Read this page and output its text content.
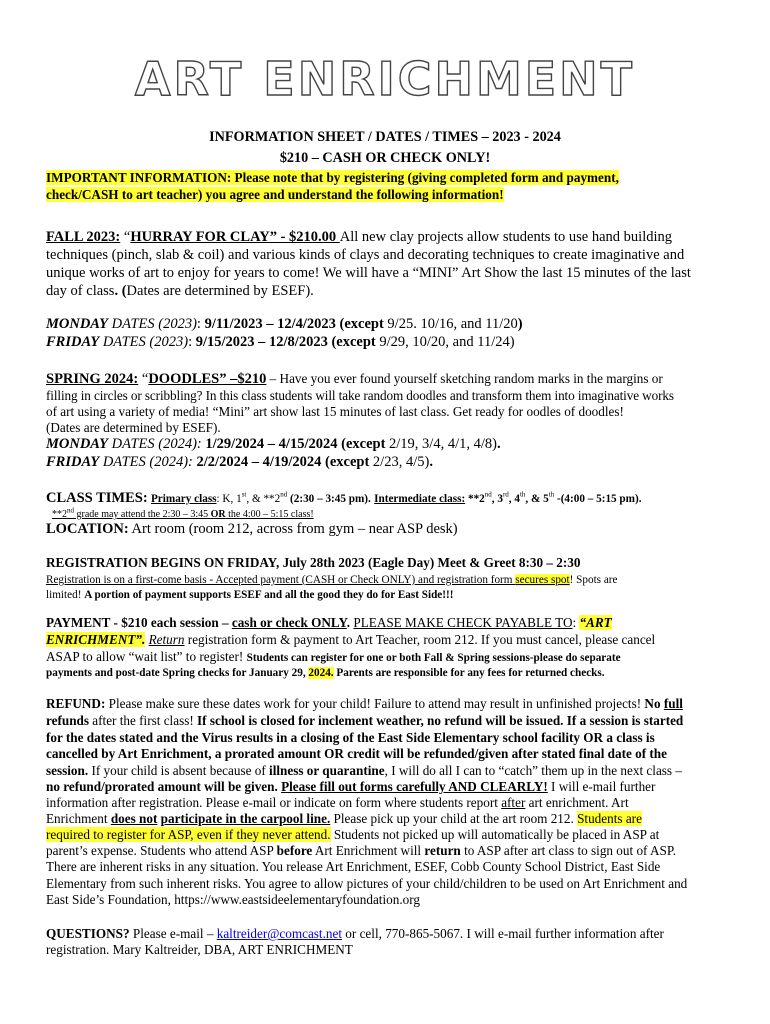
ART ENRICHMENT
INFORMATION SHEET / DATES / TIMES – 2023 - 2024
$210 – CASH OR CHECK ONLY!
IMPORTANT INFORMATION: Please note that by registering (giving completed form and payment,
check/CASH to art teacher) you agree and understand the following information!
FALL 2023: “HURRAY FOR CLAY” - $210.00 All new clay projects allow students to use hand building
techniques (pinch, slab & coil) and various kinds of clays and decorating techniques to create imaginative and
unique works of art to enjoy for years to come! We will have a “MINI” Art Show the last 15 minutes of the last
day of class. (Dates are determined by ESEF).
MONDAY DATES (2023): 9/11/2023 – 12/4/2023 (except 9/25. 10/16, and 11/20)
FRIDAY DATES (2023): 9/15/2023 – 12/8/2023 (except 9/29, 10/20, and 11/24)
SPRING 2024: “DOODLES” –$210 – Have you ever found yourself sketching random marks in the margins or
filling in circles or scribbling? In this class students will take random doodles and transform them into imaginative works
of art using a variety of media! “Mini” art show last 15 minutes of last class. Get ready for oodles of doodles!
(Dates are determined by ESEF).
MONDAY DATES (2024): 1/29/2024 – 4/15/2024 (except 2/19, 3/4, 4/1, 4/8).
FRIDAY DATES (2024): 2/2/2024 – 4/19/2024 (except 2/23, 4/5).
CLASS TIMES: Primary class: K, 1st, & **2nd (2:30 – 3:45 pm). Intermediate class: **2nd, 3rd, 4th, & 5th -(4:00 – 5:15 pm).
**2nd grade may attend the 2:30 – 3:45 OR the 4:00 – 5:15 class!
LOCATION: Art room (room 212, across from gym – near ASP desk)
REGISTRATION BEGINS ON FRIDAY, July 28th 2023 (Eagle Day) Meet & Greet 8:30 – 2:30
Registration is on a first-come basis - Accepted payment (CASH or Check ONLY) and registration form secures spot! Spots are
limited! A portion of payment supports ESEF and all the good they do for East Side!!!
PAYMENT - $210 each session – cash or check ONLY. PLEASE MAKE CHECK PAYABLE TO: “ART
ENRICHMENT”. Return registration form & payment to Art Teacher, room 212. If you must cancel, please cancel
ASAP to allow “wait list” to register! Students can register for one or both Fall & Spring sessions-please do separate
payments and post-date Spring checks for January 29, 2024. Parents are responsible for any fees for returned checks.
REFUND: Please make sure these dates work for your child! Failure to attend may result in unfinished projects! No full
refunds after the first class! If school is closed for inclement weather, no refund will be issued. If a session is started
for the dates stated and the Virus results in a closing of the East Side Elementary school facility OR a class is
cancelled by Art Enrichment, a prorated amount OR credit will be refunded/given after stated final date of the
session. If your child is absent because of illness or quarantine, I will do all I can to “catch” them up in the next class –
no refund/prorated amount will be given. Please fill out forms carefully AND CLEARLY! I will e-mail further
information after registration. Please e-mail or indicate on form where students report after art enrichment. Art
Enrichment does not participate in the carpool line. Please pick up your child at the art room 212. Students are
required to register for ASP, even if they never attend. Students not picked up will automatically be placed in ASP at
parent’s expense. Students who attend ASP before Art Enrichment will return to ASP after art class to sign out of ASP.
There are inherent risks in any situation. You release Art Enrichment, ESEF, Cobb County School District, East Side
Elementary from such inherent risks. You agree to allow pictures of your child/children to be used on Art Enrichment and
East Side’s Foundation, https://www.eastsideelementaryfoundation.org
QUESTIONS? Please e-mail – kaltreider@comcast.net or cell, 770-865-5067. I will e-mail further information after
registration. Mary Kaltreider, DBA, ART ENRICHMENT
